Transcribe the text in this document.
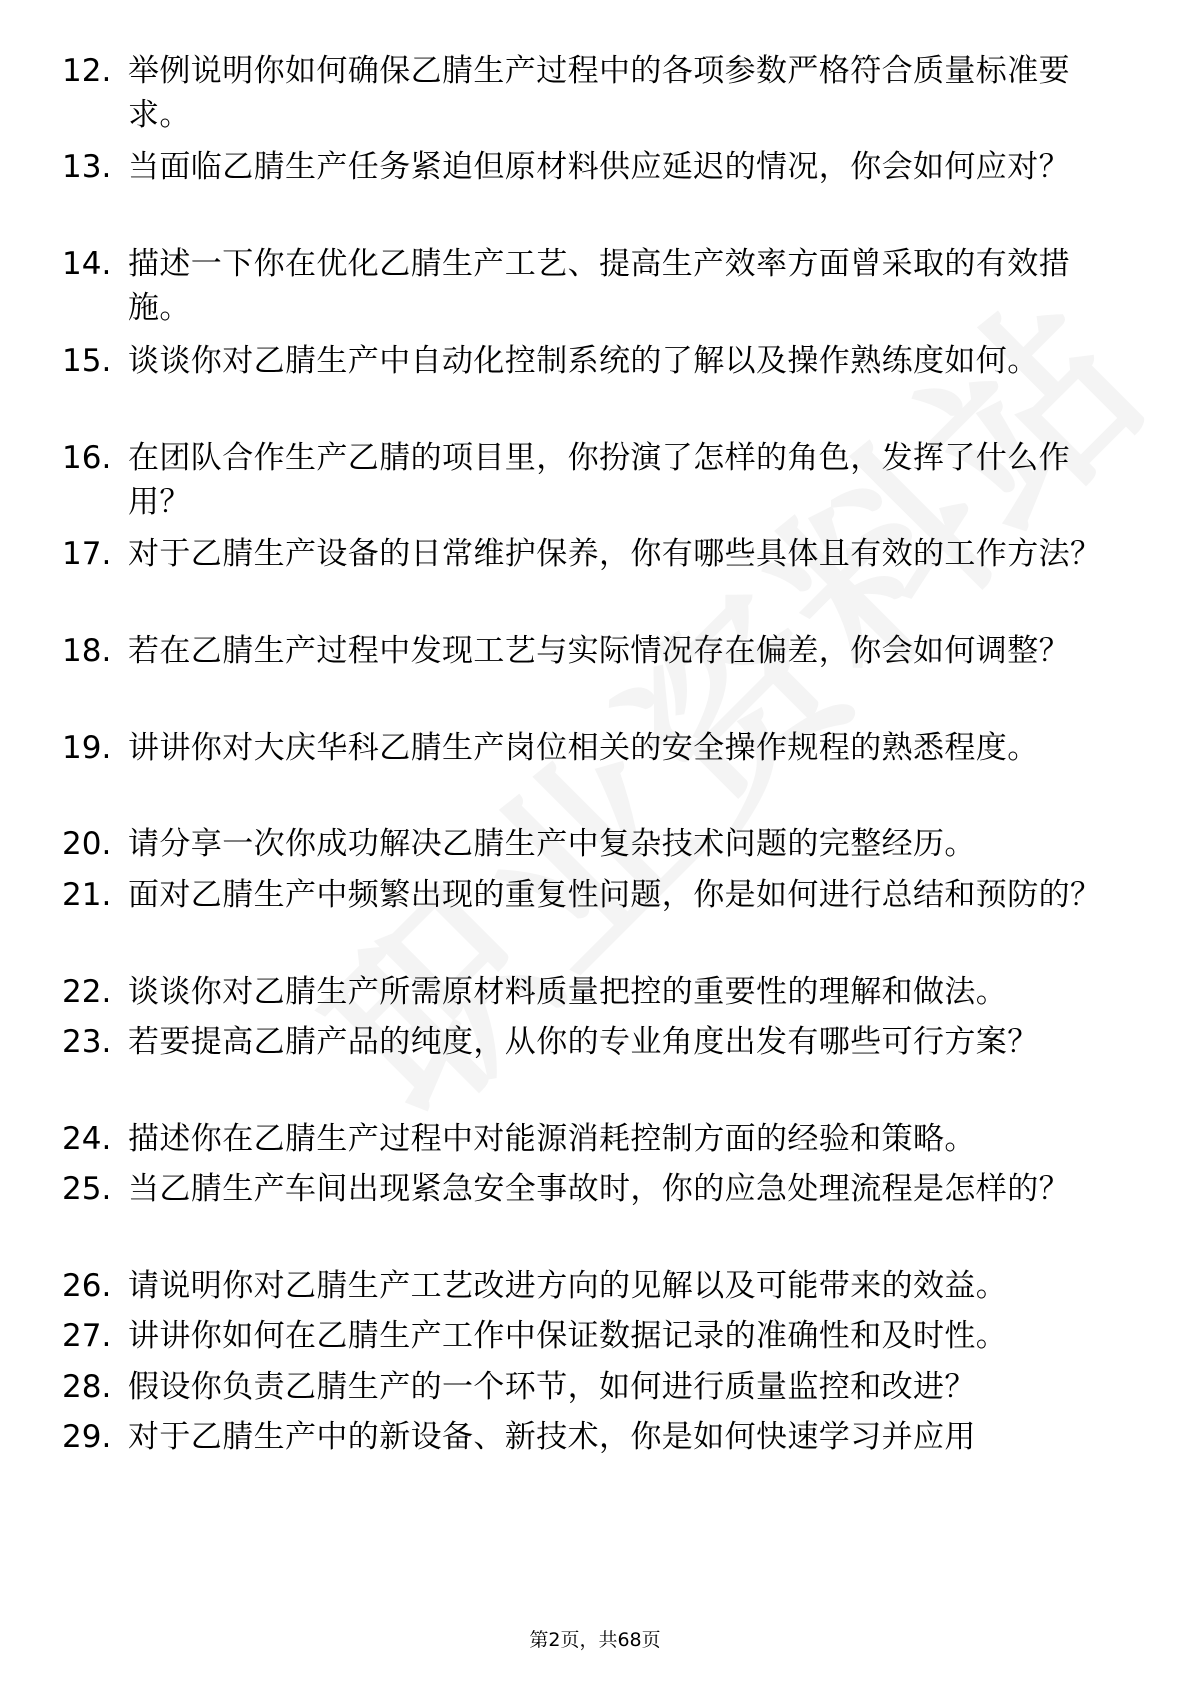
12. 举例说明你如何确保乙腈生产过程中的各项参数严格符合质量标准要求。
13. 当面临乙腈生产任务紧迫但原材料供应延迟的情况，你会如何应对？
14. 描述一下你在优化乙腈生产工艺、提高生产效率方面曾采取的有效措施。
15. 谈谈你对乙腈生产中自动化控制系统的了解以及操作熟练度如何。
16. 在团队合作生产乙腈的项目里，你扮演了怎样的角色，发挥了什么作用？
17. 对于乙腈生产设备的日常维护保养，你有哪些具体且有效的工作方法？
18. 若在乙腈生产过程中发现工艺与实际情况存在偏差，你会如何调整？
19. 讲讲你对大庆华科乙腈生产岗位相关的安全操作规程的熟悉程度。
20. 请分享一次你成功解决乙腈生产中复杂技术问题的完整经历。
21. 面对乙腈生产中频繁出现的重复性问题，你是如何进行总结和预防的？
22. 谈谈你对乙腈生产所需原材料质量把控的重要性的理解和做法。
23. 若要提高乙腈产品的纯度，从你的专业角度出发有哪些可行方案？
24. 描述你在乙腈生产过程中对能源消耗控制方面的经验和策略。
25. 当乙腈生产车间出现紧急安全事故时，你的应急处理流程是怎样的？
26. 请说明你对乙腈生产工艺改进方向的见解以及可能带来的效益。
27. 讲讲你如何在乙腈生产工作中保证数据记录的准确性和及时性。
28. 假设你负责乙腈生产的一个环节，如何进行质量监控和改进？
29. 对于乙腈生产中的新设备、新技术，你是如何快速学习并应用
第2页，共68页
